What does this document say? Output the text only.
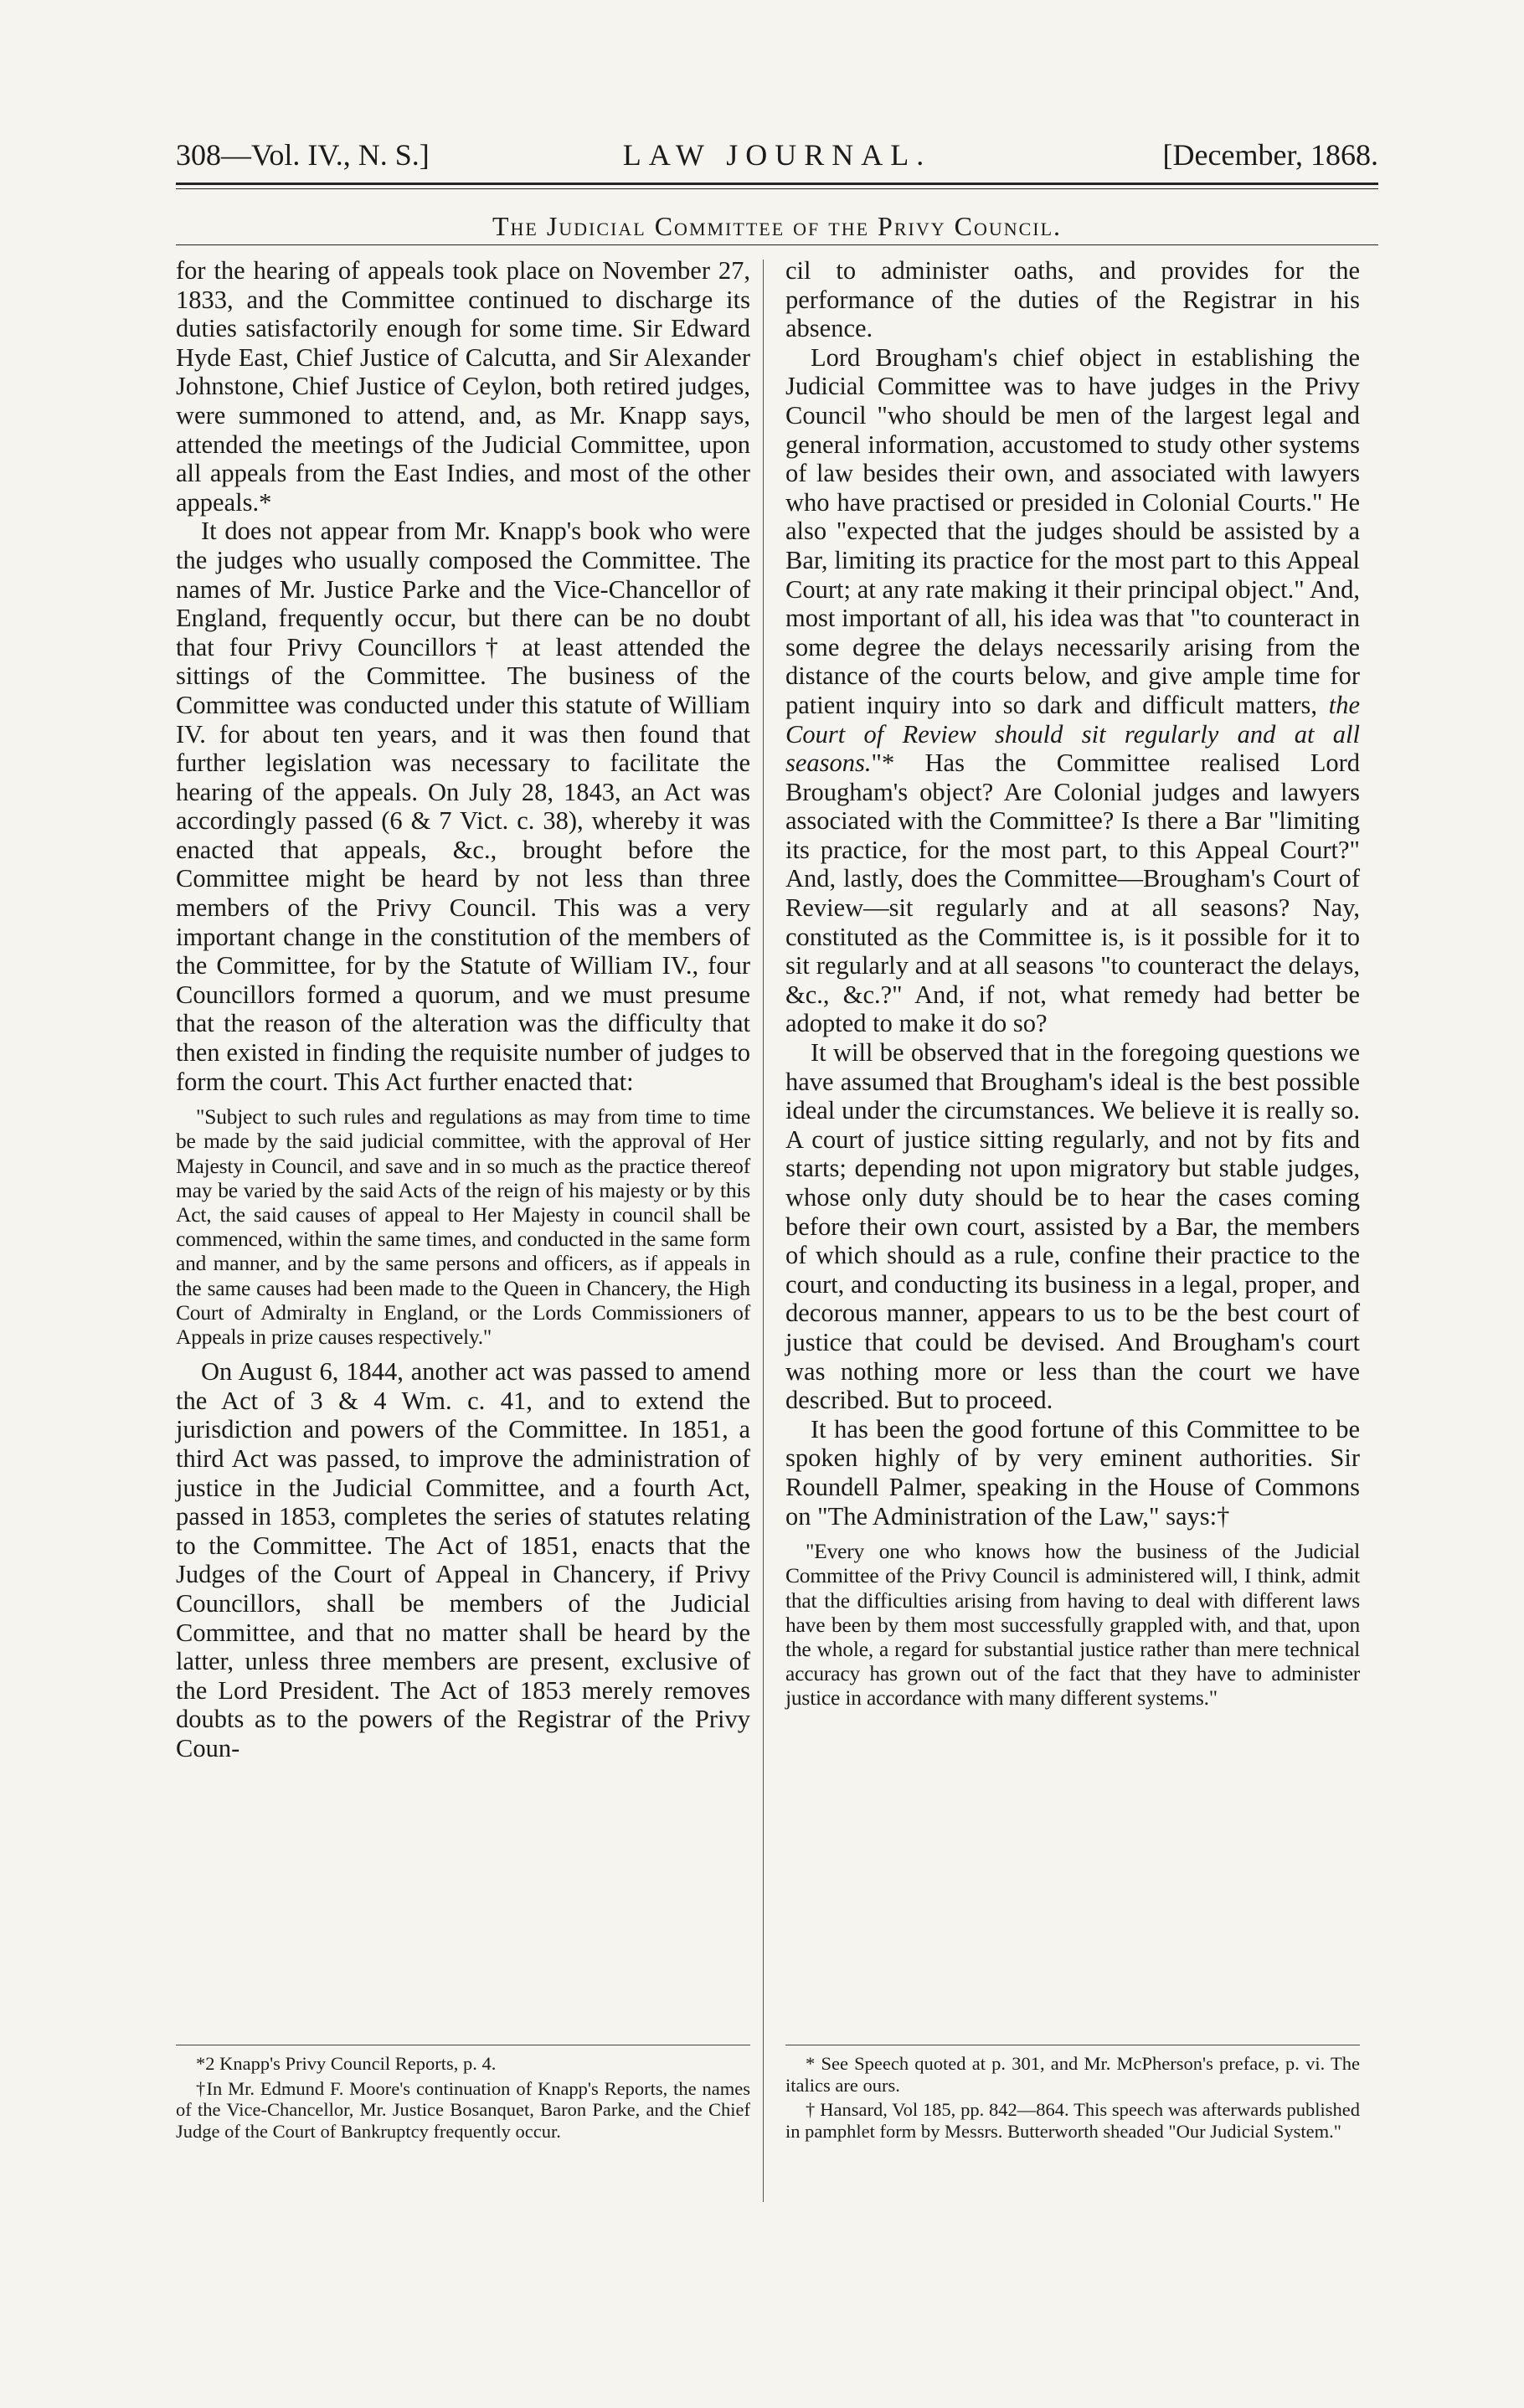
308—Vol. IV., N. S.]	LAW JOURNAL.	[December, 1868.
The Judicial Committee of the Privy Council.

for the hearing of appeals took place on November 27, 1833, and the Committee continued to discharge its duties satisfactorily enough for some time. Sir Edward Hyde East, Chief Justice of Calcutta, and Sir Alexander Johnstone, Chief Justice of Ceylon, both retired judges, were summoned to attend, and, as Mr. Knapp says, attended the meetings of the Judicial Committee, upon all appeals from the East Indies, and most of the other appeals.*

It does not appear from Mr. Knapp's book who were the judges who usually composed the Committee. The names of Mr. Justice Parke and the Vice-Chancellor of England, frequently occur, but there can be no doubt that four Privy Councillors† at least attended the sittings of the Committee. The business of the Committee was conducted under this statute of William IV. for about ten years, and it was then found that further legislation was necessary to facilitate the hearing of the appeals. On July 28, 1843, an Act was accordingly passed (6 & 7 Vict. c. 38), whereby it was enacted that appeals, &c., brought before the Committee might be heard by not less than three members of the Privy Council. This was a very important change in the constitution of the members of the Committee, for by the Statute of William IV., four Councillors formed a quorum, and we must presume that the reason of the alteration was the difficulty that then existed in finding the requisite number of judges to form the court. This Act further enacted that:

"Subject to such rules and regulations as may from time to time be made by the said judicial committee, with the approval of Her Majesty in Council, and save and in so much as the practice thereof may be varied by the said Acts of the reign of his majesty or by this Act, the said causes of appeal to Her Majesty in council shall be commenced, within the same times, and conducted in the same form and manner, and by the same persons and officers, as if appeals in the same causes had been made to the Queen in Chancery, the High Court of Admiralty in England, or the Lords Commissioners of Appeals in prize causes respectively."

On August 6, 1844, another act was passed to amend the Act of 3 & 4 Wm. c. 41, and to extend the jurisdiction and powers of the Committee. In 1851, a third Act was passed, to improve the administration of justice in the Judicial Committee, and a fourth Act, passed in 1853, completes the series of statutes relating to the Committee. The Act of 1851, enacts that the Judges of the Court of Appeal in Chancery, if Privy Councillors, shall be members of the Judicial Committee, and that no matter shall be heard by the latter, unless three members are present, exclusive of the Lord President. The Act of 1853 merely removes doubts as to the powers of the Registrar of the Privy Coun-

cil to administer oaths, and provides for the performance of the duties of the Registrar in his absence.

Lord Brougham's chief object in establishing the Judicial Committee was to have judges in the Privy Council "who should be men of the largest legal and general information, accustomed to study other systems of law besides their own, and associated with lawyers who have practised or presided in Colonial Courts." He also "expected that the judges should be assisted by a Bar, limiting its practice for the most part to this Appeal Court; at any rate making it their principal object." And, most important of all, his idea was that "to counteract in some degree the delays necessarily arising from the distance of the courts below, and give ample time for patient inquiry into so dark and difficult matters, the Court of Review should sit regularly and at all seasons."* Has the Committee realised Lord Brougham's object? Are Colonial judges and lawyers associated with the Committee? Is there a Bar "limiting its practice, for the most part, to this Appeal Court?" And, lastly, does the Committee—Brougham's Court of Review—sit regularly and at all seasons? Nay, constituted as the Committee is, is it possible for it to sit regularly and at all seasons "to counteract the delays, &c., &c.?" And, if not, what remedy had better be adopted to make it do so?

It will be observed that in the foregoing questions we have assumed that Brougham's ideal is the best possible ideal under the circumstances. We believe it is really so. A court of justice sitting regularly, and not by fits and starts; depending not upon migratory but stable judges, whose only duty should be to hear the cases coming before their own court, assisted by a Bar, the members of which should as a rule, confine their practice to the court, and conducting its business in a legal, proper, and decorous manner, appears to us to be the best court of justice that could be devised. And Brougham's court was nothing more or less than the court we have described. But to proceed.

It has been the good fortune of this Committee to be spoken highly of by very eminent authorities. Sir Roundell Palmer, speaking in the House of Commons on "The Administration of the Law," says:†

"Every one who knows how the business of the Judicial Committee of the Privy Council is administered will, I think, admit that the difficulties arising from having to deal with different laws have been by them most successfully grappled with, and that, upon the whole, a regard for substantial justice rather than mere technical accuracy has grown out of the fact that they have to administer justice in accordance with many different systems."

*2 Knapp's Privy Council Reports, p. 4.

†In Mr. Edmund F. Moore's continuation of Knapp's Reports, the names of the Vice-Chancellor, Mr. Justice Bosanquet, Baron Parke, and the Chief Judge of the Court of Bankruptcy frequently occur.

* See Speech quoted at p. 301, and Mr. McPherson's preface, p. vi. The italics are ours.

† Hansard, Vol 185, pp. 842—864. This speech was afterwards published in pamphlet form by Messrs. Butterworth sheaded "Our Judicial System."
